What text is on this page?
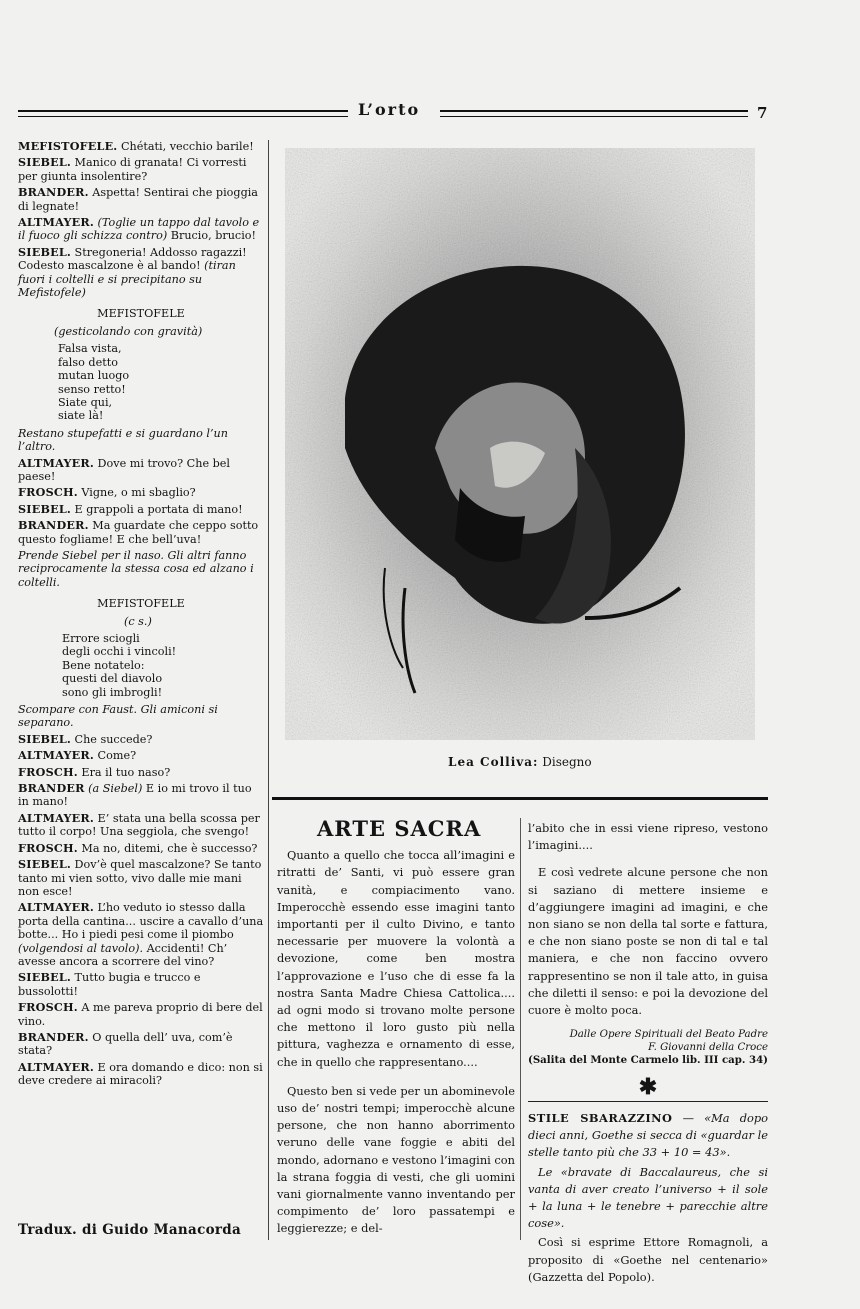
L’orto	7

MEFISTOFELE. Chétati, vecchio barile!

SIEBEL. Manico di granata! Ci vorresti per giunta insolentire?

BRANDER. Aspetta! Sentirai che pioggia di legnate!

ALTMAYER. (Toglie un tappo dal tavolo e il fuoco gli schizza contro) Brucio, brucio!

SIEBEL. Stregoneria! Addosso ragazzi! Codesto mascalzone è al bando! (tiran fuori i coltelli e si precipitano su Mefistofele)

MEFISTOFELE

(gesticolando con gravità)

Falsa vista,
falso detto
mutan luogo
senso retto!
Siate qui,
siate là!

Restano stupefatti e si guardano l’un l’altro.

ALTMAYER. Dove mi trovo? Che bel paese!

FROSCH. Vigne, o mi sbaglio?

SIEBEL. E grappoli a portata di mano!

BRANDER. Ma guardate che ceppo sotto questo fogliame! E che bell’uva!

Prende Siebel per il naso. Gli altri fanno reciprocamente la stessa cosa ed alzano i coltelli.

MEFISTOFELE

(c s.)

Errore sciogli
degli occhi i vincoli!
Bene notatelo:
questi del diavolo
sono gli imbrogli!

Scompare con Faust. Gli amiconi si separano.

SIEBEL. Che succede?

ALTMAYER. Come?

FROSCH. Era il tuo naso?

BRANDER (a Siebel) E io mi trovo il tuo in mano!

ALTMAYER. E’ stata una bella scossa per tutto il corpo! Una seggiola, che svengo!

FROSCH. Ma no, ditemi, che è successo?

SIEBEL. Dov’è quel mascalzone? Se tanto tanto mi vien sotto, vivo dalle mie mani non esce!

ALTMAYER. L’ho veduto io stesso dalla porta della cantina... uscire a cavallo d’una botte... Ho i piedi pesi come il piombo (volgendosi al tavolo). Accidenti! Ch’ avesse ancora a scorrere del vino?

SIEBEL. Tutto bugia e trucco e bussolotti!

FROSCH. A me pareva proprio di bere del vino.

BRANDER. O quella dell’ uva, com’è stata?

ALTMAYER. E ora domando e dico: non si deve credere ai miracoli?

Tradux. di Guido Manacorda
Lea Colliva: Disegno
ARTE SACRA

Quanto a quello che tocca all’imagini e ritratti de’ Santi, vi può essere gran vanità, e compiacimento vano. Imperocchè essendo esse imagini tanto importanti per il culto Divino, e tanto necessarie per muovere la volontà a devozione, come ben mostra l’approvazione e l’uso che di esse fa la nostra Santa Madre Chiesa Cattolica.... ad ogni modo si trovano molte persone che mettono il loro gusto più nella pittura, vaghezza e ornamento di esse, che in quello che rappresentano....

Questo ben si vede per un abominevole uso de’ nostri tempi; imperocchè alcune persone, che non hanno aborrimento veruno delle vane foggie e abiti del mondo, adornano e vestono l’imagini con la strana foggia di vesti, che gli uomini vani giornalmente vanno inventando per compimento de’ loro passatempi e leggierezze; e del-

l’abito che in essi viene ripreso, vestono l’imagini....

E così vedrete alcune persone che non si saziano di mettere insieme e d’aggiungere imagini ad imagini, e che non siano se non della tal sorte e fattura, e che non siano poste se non di tal e tal maniera, e che non faccino ovvero rappresentino se non il tale atto, in guisa che diletti il senso: e poi la devozione del cuore è molto poca.

Dalle Opere Spirituali del Beato Padre

F. Giovanni della Croce

(Salita del Monte Carmelo lib. III cap. 34)

✱

STILE SBARAZZINO — «Ma dopo dieci anni, Goethe si secca di «guardar le stelle tanto più che 33 + 10 = 43».

Le «bravate di Baccalaureus, che si vanta di aver creato l’universo + il sole + la luna + le tenebre + parecchie altre cose».

Così si esprime Ettore Romagnoli, a proposito di «Goethe nel centenario» (Gazzetta del Popolo).
